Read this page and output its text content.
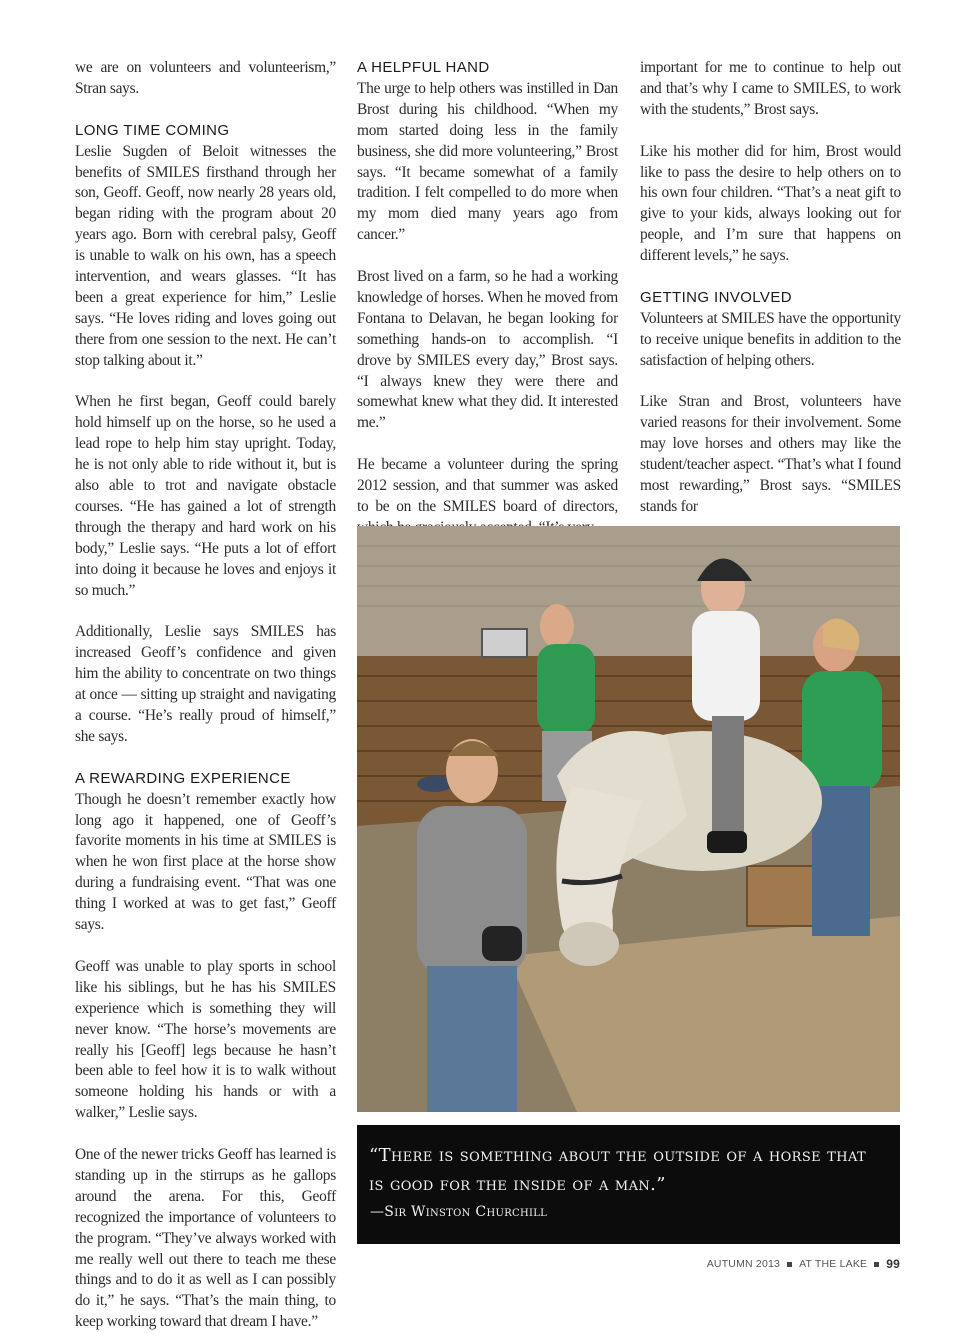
we are on volunteers and volunteerism,” Stran says.

LONG TIME COMING

Leslie Sugden of Beloit witnesses the benefits of SMILES firsthand through her son, Geoff. Geoff, now nearly 28 years old, began riding with the program about 20 years ago. Born with cerebral palsy, Geoff is unable to walk on his own, has a speech intervention, and wears glasses. “It has been a great experience for him,” Leslie says. “He loves riding and loves going out there from one session to the next. He can’t stop talking about it.”

When he first began, Geoff could barely hold himself up on the horse, so he used a lead rope to help him stay upright. Today, he is not only able to ride without it, but is also able to trot and navigate obstacle courses. “He has gained a lot of strength through the therapy and hard work on his body,” Leslie says. “He puts a lot of effort into doing it because he loves and enjoys it so much.”

Additionally, Leslie says SMILES has increased Geoff’s confidence and given him the ability to concentrate on two things at once — sitting up straight and navigating a course. “He’s really proud of himself,” she says.

A REWARDING EXPERIENCE

Though he doesn’t remember exactly how long ago it happened, one of Geoff’s favorite moments in his time at SMILES is when he won first place at the horse show during a fundraising event. “That was one thing I worked at was to get fast,” Geoff says.

Geoff was unable to play sports in school like his siblings, but he has his SMILES experience which is something they will never know. “The horse’s movements are really his [Geoff] legs because he hasn’t been able to feel how it is to walk without someone holding his hands or with a walker,” Leslie says.

One of the newer tricks Geoff has learned is standing up in the stirrups as he gallops around the arena. For this, Geoff recognized the importance of volunteers to the program. “They’ve always worked with me really well out there to teach me these things and to do it as well as I can possibly do it,” he says. “That’s the main thing, to keep working toward that dream I have.”

A HELPFUL HAND

The urge to help others was instilled in Dan Brost during his childhood. “When my mom started doing less in the family business, she did more volunteering,” Brost says. “It became somewhat of a family tradition. I felt compelled to do more when my mom died many years ago from cancer.”

Brost lived on a farm, so he had a working knowledge of horses. When he moved from Fontana to Delavan, he began looking for something hands-on to accomplish. “I drove by SMILES every day,” Brost says. “I always knew they were there and somewhat knew what they did. It interested me.”

He became a volunteer during the spring 2012 session, and that summer was asked to be on the SMILES board of directors,

important for me to continue to help out and that’s why I came to SMILES, to work with the students,” Brost says.

Like his mother did for him, Brost would like to pass the desire to help others on to his own four children. “That’s a neat gift to give to your kids, always looking out for people, and I’m sure that happens on different levels,” he says.

GETTING INVOLVED

Volunteers at SMILES have the opportunity to receive unique benefits in addition to the satisfaction of helping others.

Like Stran and Brost, volunteers have varied reasons for their involvement. Some may love horses and others may like the student/teacher aspect. “That’s what I found most rewarding,” Brost says. “SMILES stands for

“There is something about the outside of a horse that is good for the inside of a man.”
—Sir Winston Churchill
AUTUMN 2013 AT THE LAKE 99
